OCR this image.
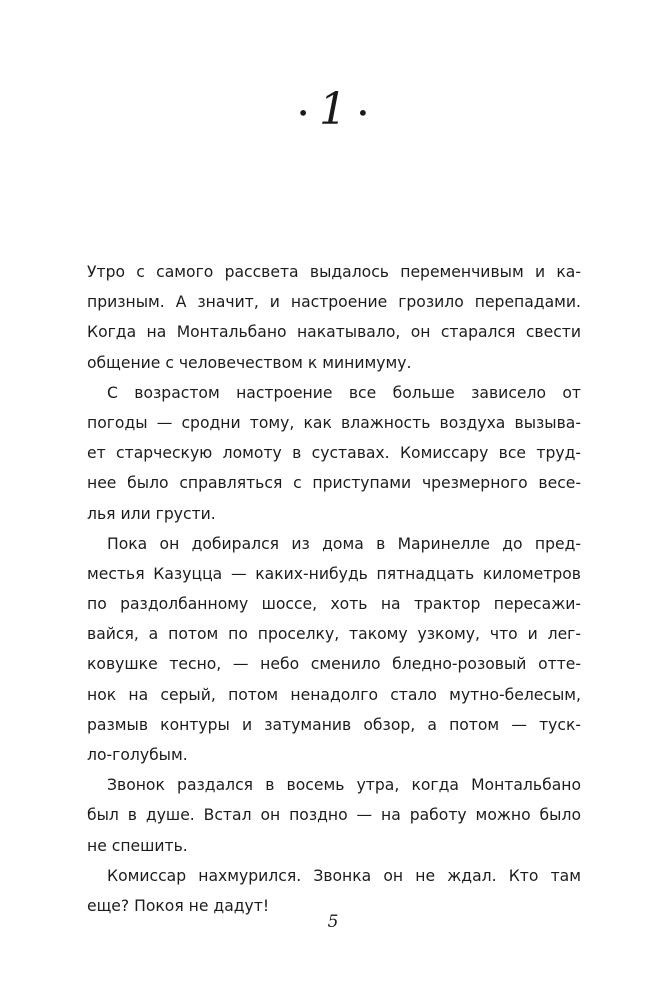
• 1 •

Утро с самого рассвета выдалось переменчивым и ка-
призным. А значит, и настроение грозило перепадами.
Когда на Монтальбано накатывало, он старался свести
общение с человечеством к минимуму.

С возрастом настроение все больше зависело от
погоды — сродни тому, как влажность воздуха вызыва-
ет старческую ломоту в суставах. Комиссару все труд-
нее было справляться с приступами чрезмерного весе-
лья или грусти.

Пока он добирался из дома в Маринелле до пред-
местья Казуцца — каких-нибудь пятнадцать километров
по раздолбанному шоссе, хоть на трактор пересажи-
вайся, а потом по проселку, такому узкому, что и лег-
ковушке тесно, — небо сменило бледно-розовый отте-
нок на серый, потом ненадолго стало мутно-белесым,
размыв контуры и затуманив обзор, а потом — туск-
ло-голубым.

Звонок раздался в восемь утра, когда Монтальбано
был в душе. Встал он поздно — на работу можно было
не спешить.

Комиссар нахмурился. Звонка он не ждал. Кто там
еще? Покоя не дадут!

5
